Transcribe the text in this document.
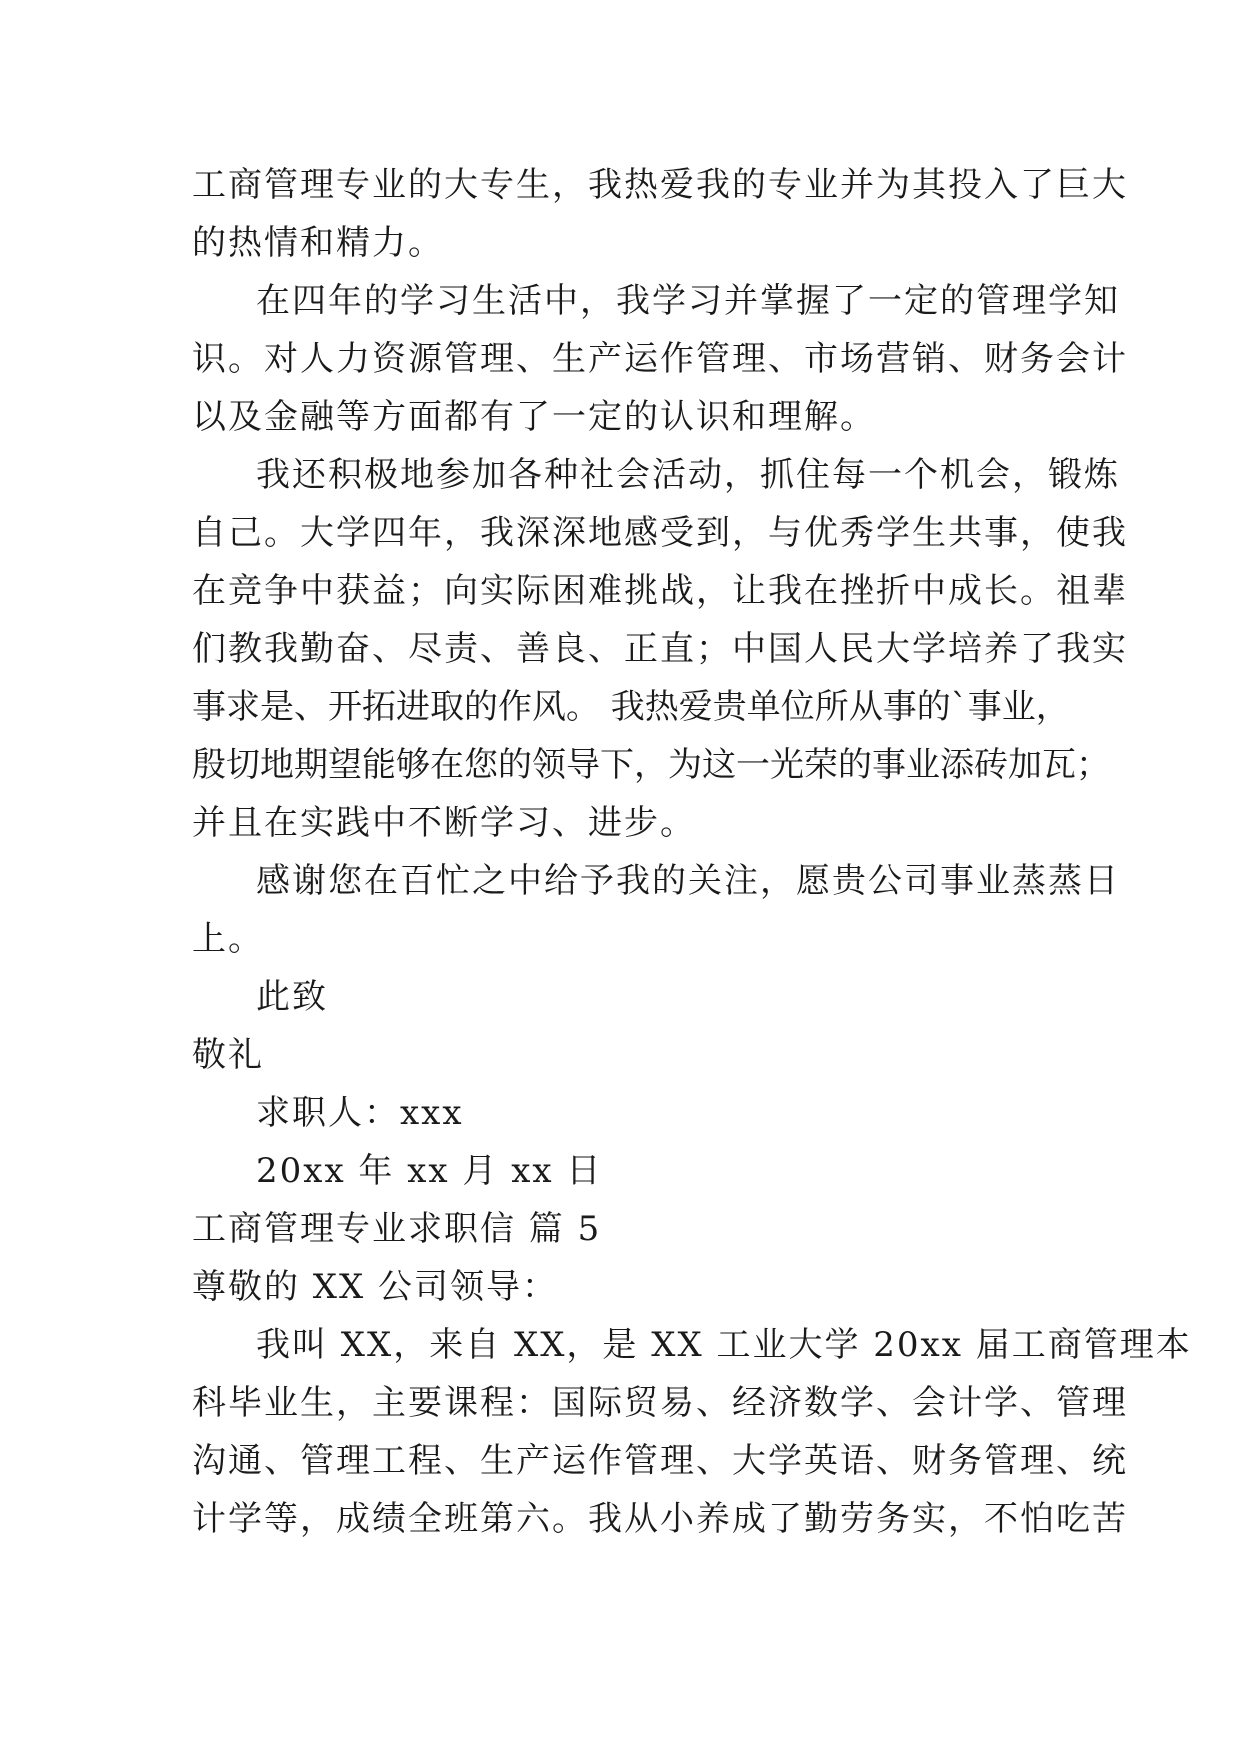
工商管理专业的大专生，我热爱我的专业并为其投入了巨大
的热情和精力。
在四年的学习生活中，我学习并掌握了一定的管理学知
识。对人力资源管理、生产运作管理、市场营销、财务会计
以及金融等方面都有了一定的认识和理解。
我还积极地参加各种社会活动，抓住每一个机会，锻炼
自己。大学四年，我深深地感受到，与优秀学生共事，使我
在竞争中获益；向实际困难挑战，让我在挫折中成长。祖辈
们教我勤奋、尽责、善良、正直；中国人民大学培养了我实
事求是、开拓进取的作风。 我热爱贵单位所从事的`事业，
殷切地期望能够在您的领导下，为这一光荣的事业添砖加瓦；
并且在实践中不断学习、进步。
感谢您在百忙之中给予我的关注，愿贵公司事业蒸蒸日
上。
此致
敬礼
求职人：xxx
20xx 年 xx 月 xx 日
工商管理专业求职信 篇 5
尊敬的 XX 公司领导：
我叫 XX，来自 XX，是 XX 工业大学 20xx 届工商管理本
科毕业生，主要课程：国际贸易、经济数学、会计学、管理
沟通、管理工程、生产运作管理、大学英语、财务管理、统
计学等，成绩全班第六。我从小养成了勤劳务实，不怕吃苦
